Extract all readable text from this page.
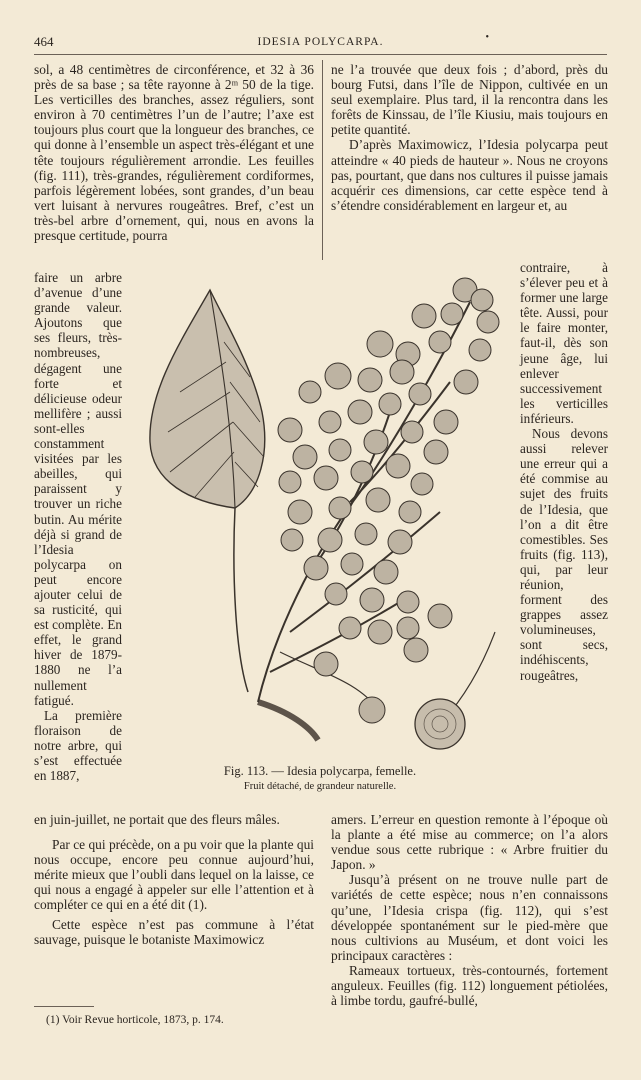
464	IDESIA POLYCARPA.	•

sol, a 48 centimètres de circonférence, et 32 à 36 près de sa base ; sa tête rayonne à 2ᵐ 50 de la tige. Les verticilles des branches, assez réguliers, sont environ à 70 centimètres l’un de l’autre; l’axe est toujours plus court que la longueur des branches, ce qui donne à l’ensemble un aspect très-élégant et une tête toujours régulièrement arrondie. Les feuilles (fig. 111), très-grandes, régulièrement cordiformes, parfois légèrement lobées, sont grandes, d’un beau vert luisant à nervures rougeâtres. Bref, c’est un très-bel arbre d’ornement, qui, nous en avons la presque certitude, pourra

ne l’a trouvée que deux fois ; d’abord, près du bourg Futsi, dans l’île de Nippon, cultivée en un seul exemplaire. Plus tard, il la rencontra dans les forêts de Kinssau, de l’île Kiusiu, mais toujours en petite quantité.

D’après Maximowicz, l’Idesia polycarpa peut atteindre « 40 pieds de hauteur ». Nous ne croyons pas, pourtant, que dans nos cultures il puisse jamais acquérir ces dimensions, car cette espèce tend à s’étendre considérablement en largeur et, au

faire un arbre d’avenue d’une grande valeur. Ajoutons que ses fleurs, très-nombreuses, dégagent une forte et délicieuse odeur mellifère ; aussi sont-elles constamment visitées par les abeilles, qui paraissent y trouver un riche butin. Au mérite déjà si grand de l’Idesia polycarpa on peut encore ajouter celui de sa rusticité, qui est complète. En effet, le grand hiver de 1879-1880 ne l’a nullement fatigué.

La première floraison de notre arbre, qui s’est effectuée en 1887,

contraire, à s’élever peu et à former une large tête. Aussi, pour le faire monter, faut-il, dès son jeune âge, lui enlever successivement les verticilles inférieurs.

Nous devons aussi relever une erreur qui a été commise au sujet des fruits de l’Idesia, que l’on a dit être comestibles. Ses fruits (fig. 113), qui, par leur réunion, forment des grappes assez volumineuses, sont secs, indéhiscents, rougeâtres,

Fig. 113. — Idesia polycarpa, femelle.
Fruit détaché, de grandeur naturelle.

en juin-juillet, ne portait que des fleurs mâles.

Par ce qui précède, on a pu voir que la plante qui nous occupe, encore peu connue aujourd’hui, mérite mieux que l’oubli dans lequel on la laisse, ce qui nous a engagé à appeler sur elle l’attention et à compléter ce qui en a été dit (1).

Cette espèce n’est pas commune à l’état sauvage, puisque le botaniste Maximowicz

amers. L’erreur en question remonte à l’époque où la plante a été mise au commerce; on l’a alors vendue sous cette rubrique : « Arbre fruitier du Japon. »

Jusqu’à présent on ne trouve nulle part de variétés de cette espèce; nous n’en connaissons qu’une, l’Idesia crispa (fig. 112), qui s’est développée spontanément sur le pied-mère que nous cultivions au Muséum, et dont voici les principaux caractères :

Rameaux tortueux, très-contournés, fortement anguleux. Feuilles (fig. 112) longuement pétiolées, à limbe tordu, gaufré-bullé,

(1) Voir Revue horticole, 1873, p. 174.
